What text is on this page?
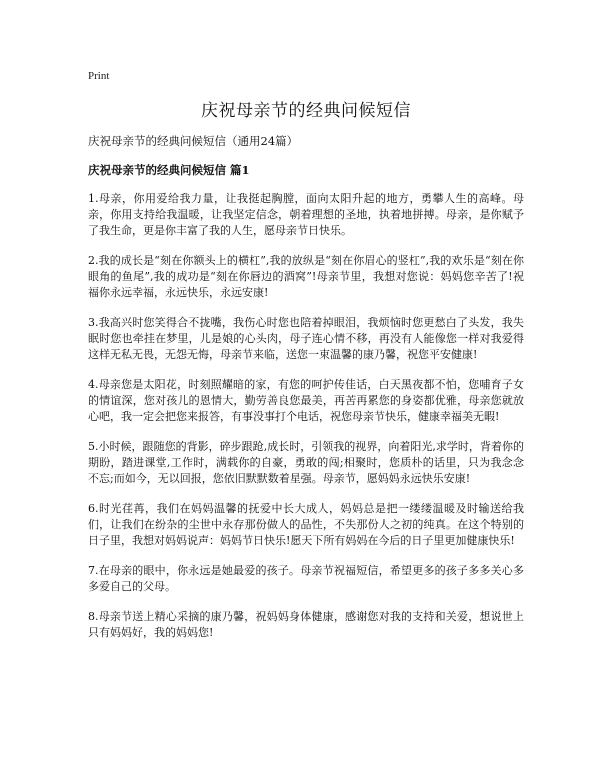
Print
庆祝母亲节的经典问候短信
庆祝母亲节的经典问候短信（通用24篇）
庆祝母亲节的经典问候短信 篇1

1.母亲，你用爱给我力量，让我挺起胸膛，面向太阳升起的地方，勇攀人生的高峰。母亲，你用支持给我温暖，让我坚定信念，朝着理想的圣地，执着地拼搏。母亲，是你赋予了我生命，更是你丰富了我的人生，愿母亲节日快乐。

2.我的成长是“刻在你额头上的横杠”,我的放纵是“刻在你眉心的竖杠”,我的欢乐是“刻在你眼角的鱼尾”,我的成功是“刻在你唇边的酒窝”!母亲节里，我想对您说：妈妈您辛苦了!祝福你永远幸福，永远快乐，永远安康!

3.我高兴时您笑得合不拢嘴，我伤心时您也陪着掉眼泪，我烦恼时您更愁白了头发，我失眠时您也牵挂在梦里，儿是娘的心头肉，母子连心情不移，再没有人能像您一样对我爱得这样无私无畏，无怨无悔，母亲节来临，送您一束温馨的康乃馨，祝您平安健康!

4.母亲您是太阳花，时刻照耀暗的家，有您的呵护传佳话，白天黑夜都不怕，您哺育子女的情谊深，您对孩儿的恩情大，勤劳善良您最美，再苦再累您的身姿都优雅，母亲您就放心吧，我一定会把您来报答，有事没事打个电话，祝您母亲节快乐，健康幸福美无暇!

5.小时候，跟随您的背影，碎步跟跄,成长时，引领我的视界，向着阳光,求学时，背着你的期盼，踏进课堂,工作时，满载你的自豪，勇敢的闯;相聚时，您质朴的话里，只为我念念不忘;而如今，无以回报，您依旧默默数着星强。母亲节，愿妈妈永远快乐安康!

6.时光荏苒，我们在妈妈温馨的抚爱中长大成人，妈妈总是把一缕缕温暖及时输送给我们，让我们在纷杂的尘世中永存那份做人的品性，不失那份人之初的纯真。在这个特别的日子里，我想对妈妈说声：妈妈节日快乐!愿天下所有妈妈在今后的日子里更加健康快乐!

7.在母亲的眼中，你永远是她最爱的孩子。母亲节祝福短信，希望更多的孩子多多关心多多爱自己的父母。

8.母亲节送上精心采摘的康乃馨，祝妈妈身体健康，感谢您对我的支持和关爱，想说世上只有妈妈好，我的妈妈您!
